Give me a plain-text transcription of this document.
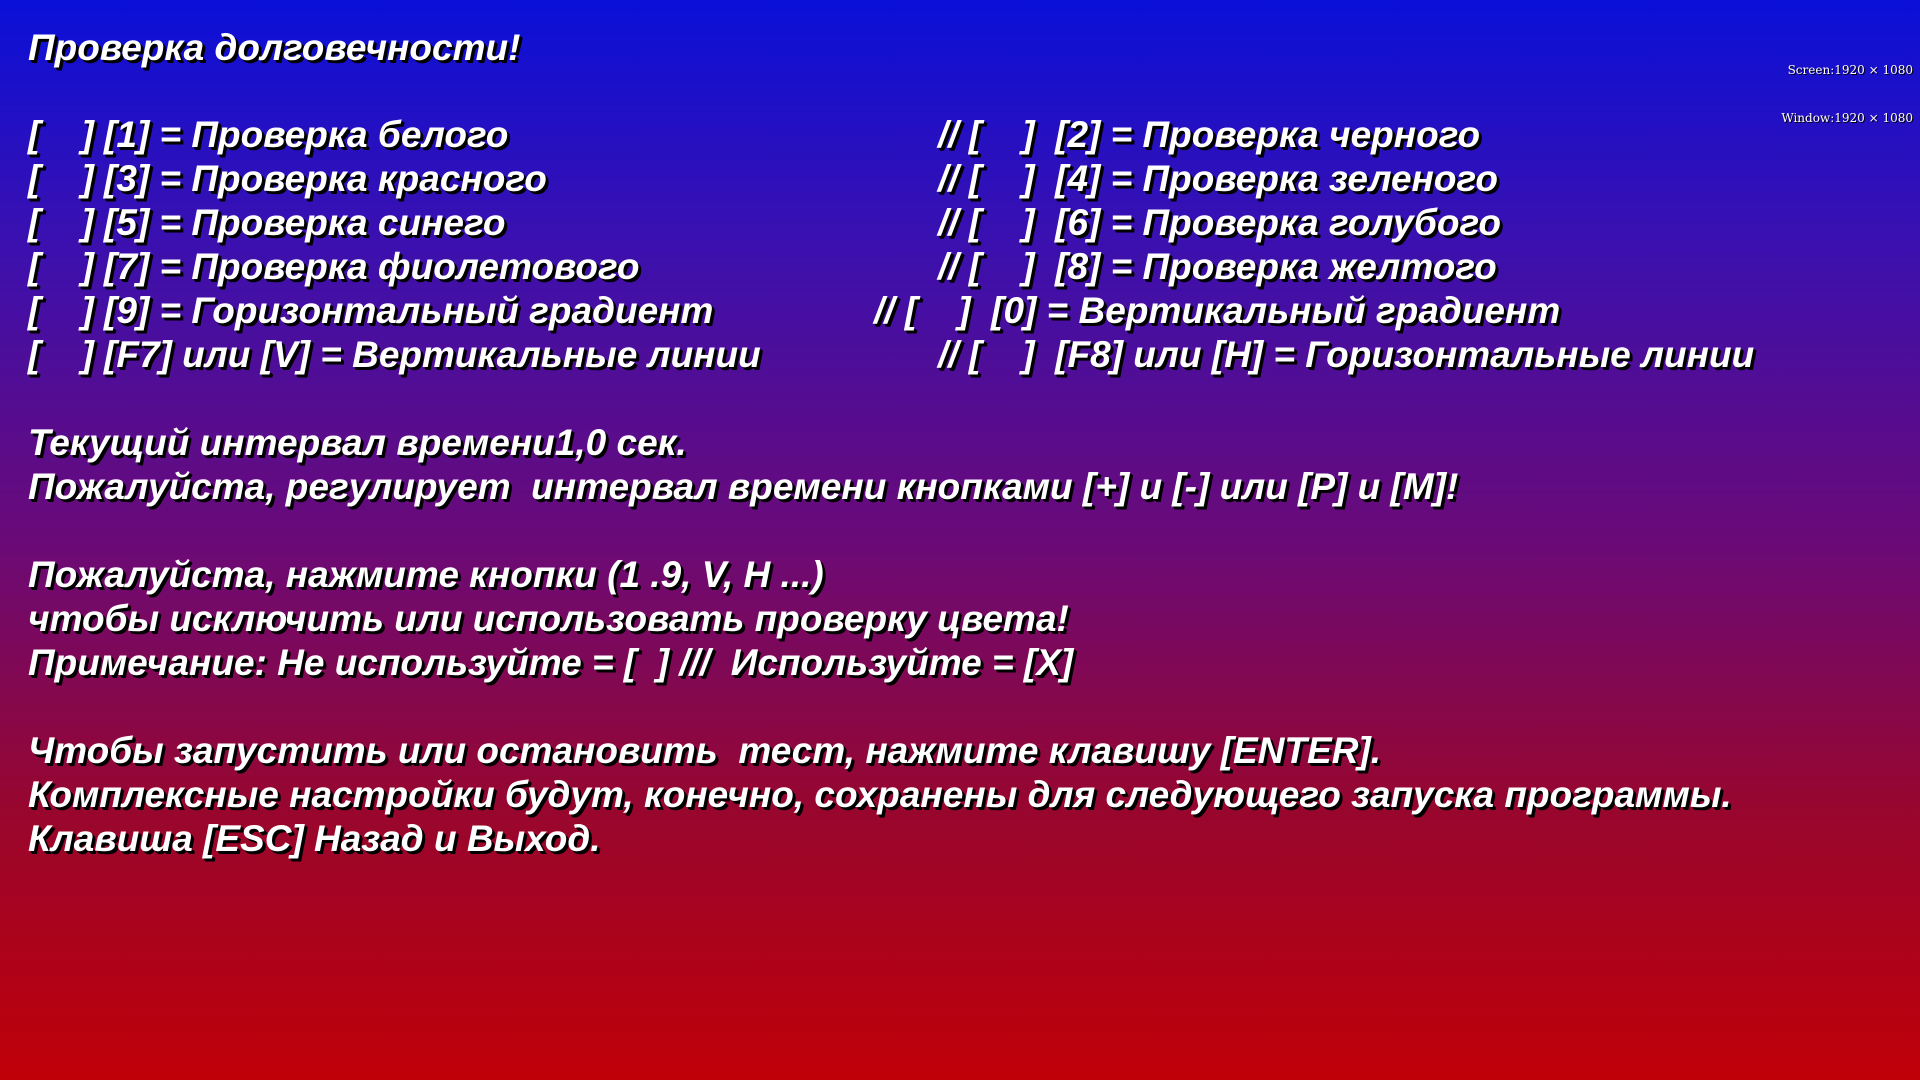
Проверка долговечности!

Screen:1920 × 1080

Window:1920 × 1080

[    ] [1] = Проверка белого	// [    ]  [2] = Проверка черного
[    ] [3] = Проверка красного	// [    ]  [4] = Проверка зеленого
[    ] [5] = Проверка синего	// [    ]  [6] = Проверка голубого
[    ] [7] = Проверка фиолетового	// [    ]  [8] = Проверка желтого
[    ] [9] = Горизонтальный градиент	// [    ]  [0] = Вертикальный градиент
[    ] [F7] или [V] = Вертикальные линии	// [    ]  [F8] или [H] = Горизонтальные линии
Текущий интервал времени1,0 сек.
Пожалуйста, регулирует  интервал времени кнопками [+] и [-] или [P] и [M]!
Пожалуйста, нажмите кнопки (1 .9, V, H ...)
чтобы исключить или использовать проверку цвета!
Примечание: Не используйте = [  ] ///  Используйте = [X]
Чтобы запустить или остановить  тест, нажмите клавишу [ENTER].
Комплексные настройки будут, конечно, сохранены для следующего запуска программы.
Клавиша [ESC] Назад и Выход.
